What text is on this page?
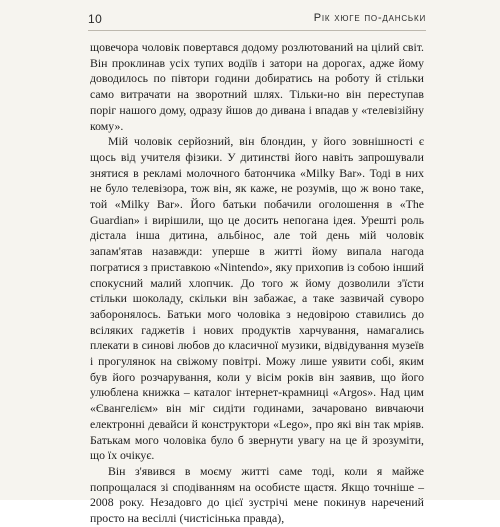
10	Рік хюге по-данськи

щовечора чоловік повертався додому розлютований на цілий світ. Він проклинав усіх тупих водіїв і затори на дорогах, адже йому доводилось по півтори години добиратись на роботу й стільки само витрачати на зворотний шлях. Тільки-но він переступав поріг нашого дому, одразу йшов до дивана і впадав у «телевізійну кому».

Мій чоловік серйозний, він блондин, у його зовнішності є щось від учителя фізики. У дитинстві його навіть запрошували знятися в рекламі молочного батончика «Milky Bar». Тоді в них не було телевізора, тож він, як каже, не розумів, що ж воно таке, той «Milky Bar». Його батьки побачили оголошення в «The Guardian» і вирішили, що це досить непогана ідея. Урешті роль дістала інша дитина, альбінос, але той день мій чоловік запам'ятав назавжди: уперше в житті йому випала нагода погратися з приставкою «Nintendo», яку прихопив із собою інший спокусний малий хлопчик. До того ж йому дозволили з'їсти стільки шоколаду, скільки він забажає, а таке зазвичай суворо заборонялось. Батьки мого чоловіка з недовірою ставились до всіляких гаджетів і нових продуктів харчування, намагались плекати в синові любов до класичної музики, відвідування музеїв і прогулянок на свіжому повітрі. Можу лише уявити собі, яким був його розчарування, коли у вісім років він заявив, що його улюблена книжка – каталог інтернет-крамниці «Argos». Над цим «Євангелієм» він міг сидіти годинами, зачаровано вивчаючи електронні девайси й конструктори «Lego», про які він так мріяв. Батькам мого чоловіка було б звернути увагу на це й зрозуміти, що їх очікує.

Він з'явився в моєму житті саме тоді, коли я майже попрощалася зі сподіванням на особисте щастя. Якщо точніше – 2008 року. Незадовго до цієї зустрічі мене покинув наречений просто на весіллі (чистісінька правда),
